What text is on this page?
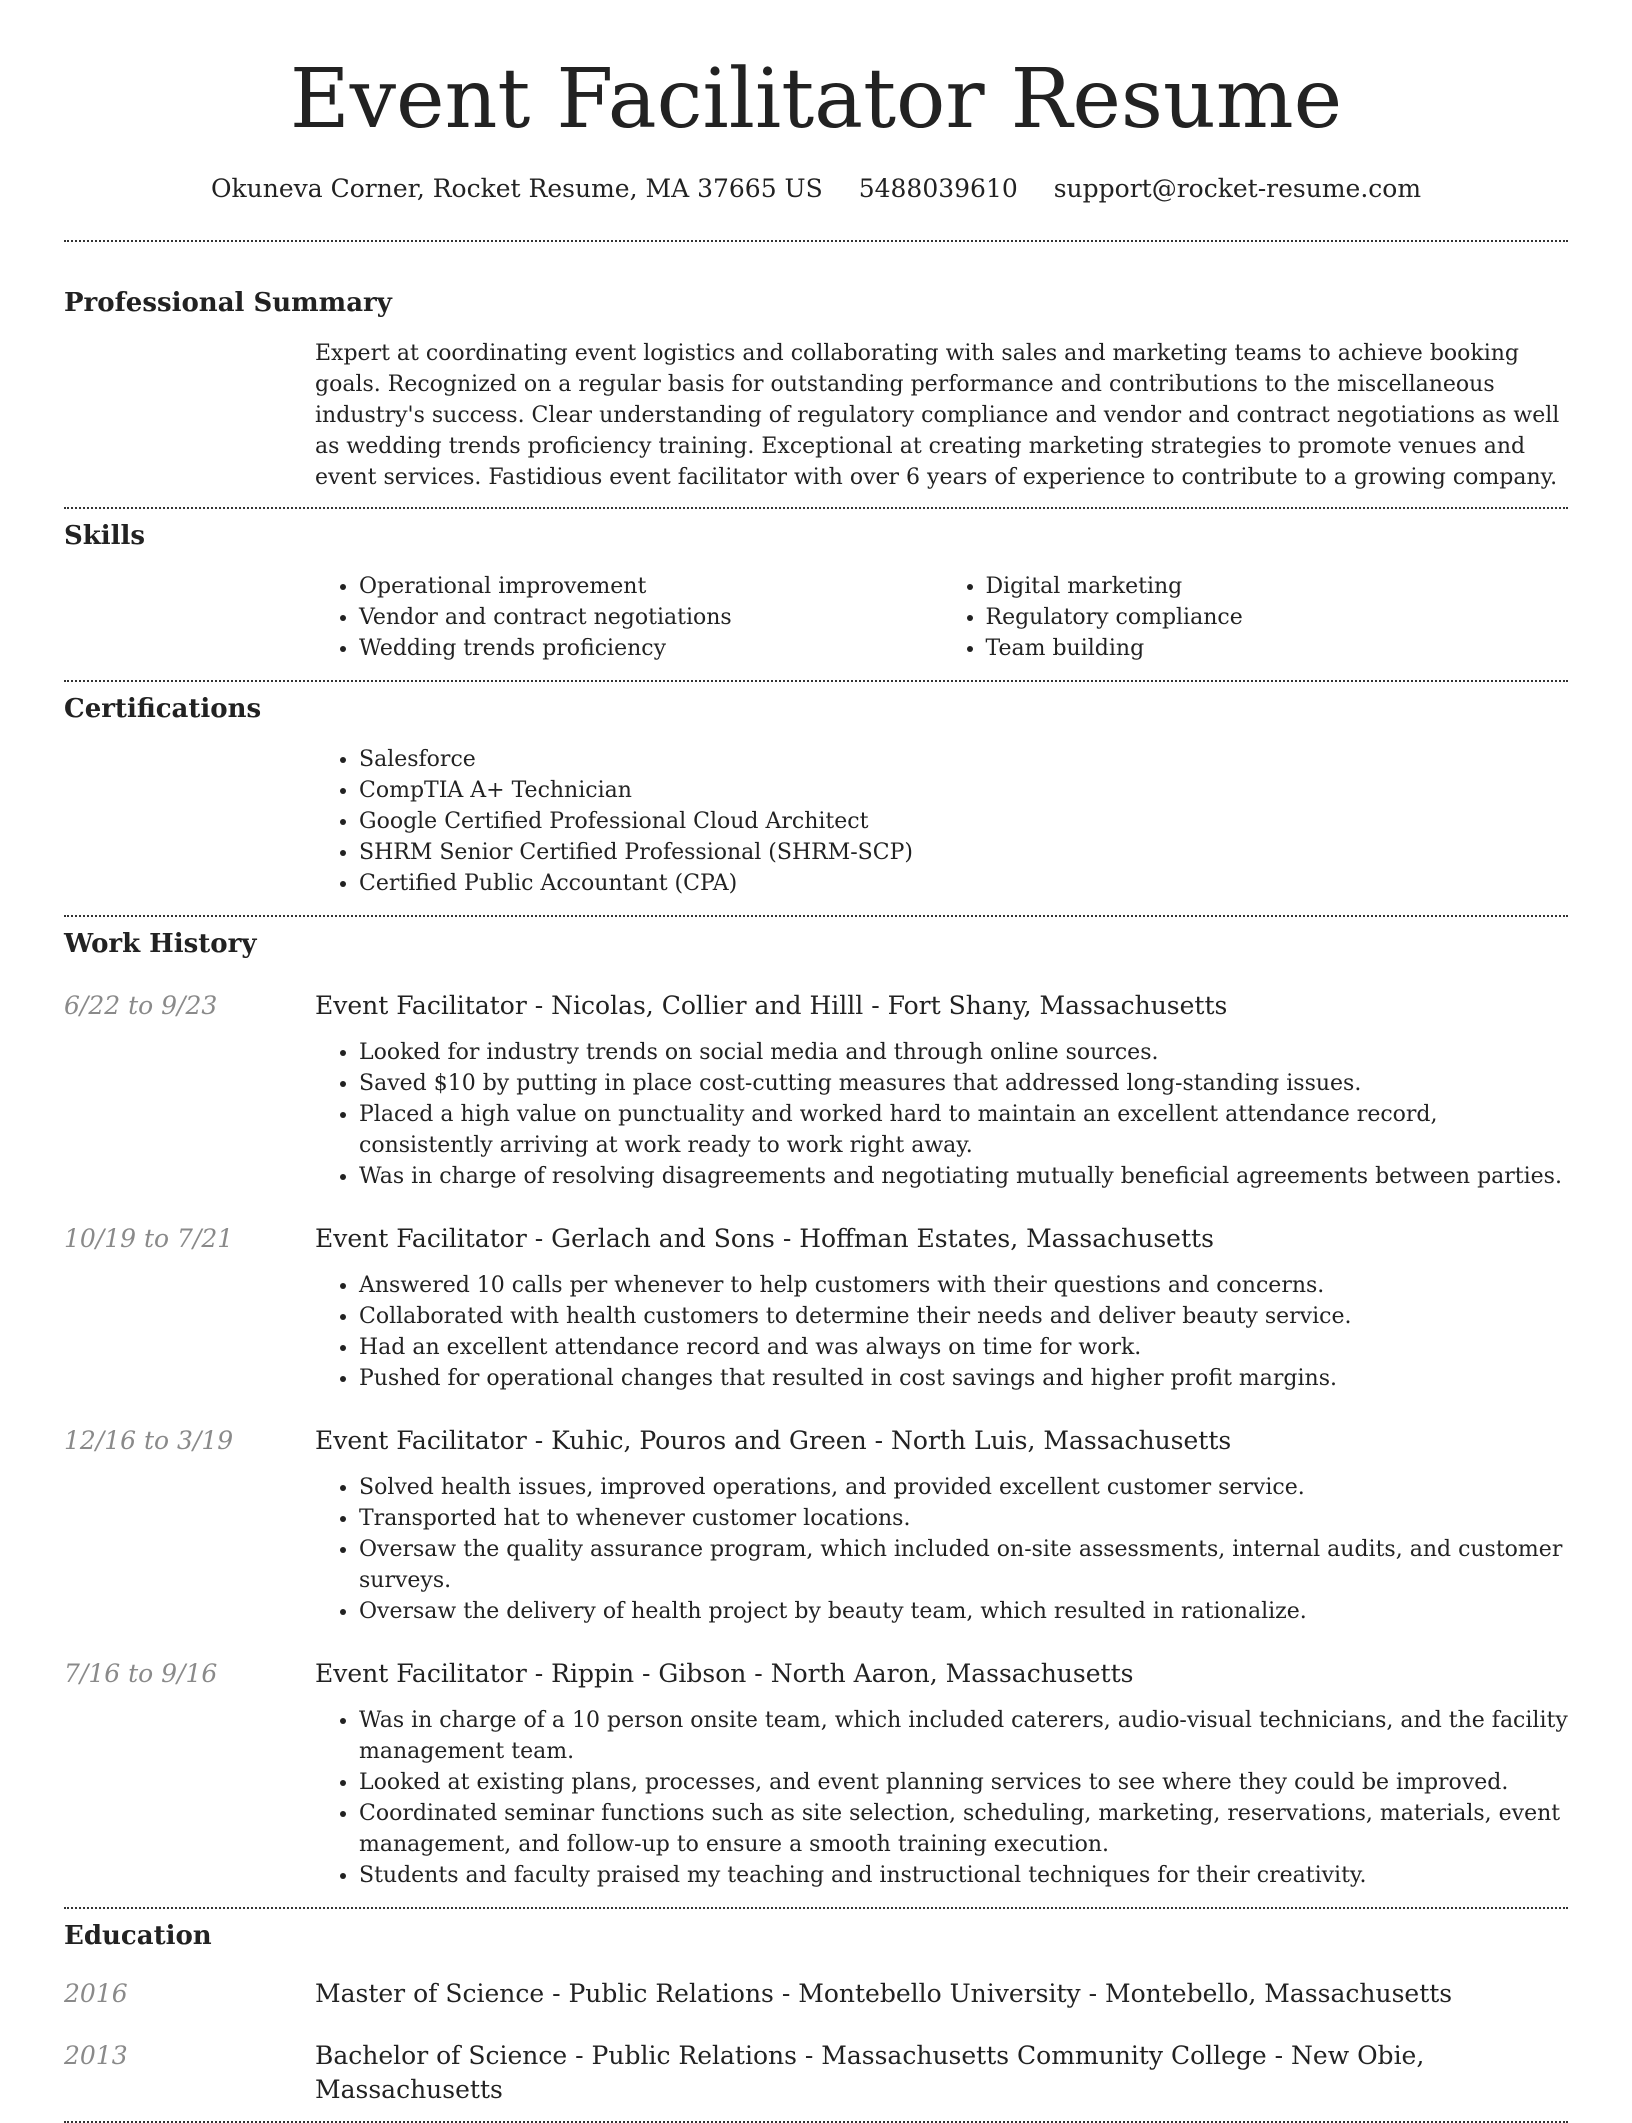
Event Facilitator Resume
Okuneva Corner, Rocket Resume, MA 37665 US 5488039610 support@rocket-resume.com
Professional Summary

Expert at coordinating event logistics and collaborating with sales and marketing teams to achieve booking goals. Recognized on a regular basis for outstanding performance and contributions to the miscellaneous industry's success. Clear understanding of regulatory compliance and vendor and contract negotiations as well as wedding trends proficiency training. Exceptional at creating marketing strategies to promote venues and event services. Fastidious event facilitator with over 6 years of experience to contribute to a growing company.

Skills
• Operational improvement
• Vendor and contract negotiations
• Wedding trends proficiency
• Digital marketing
• Regulatory compliance
• Team building
Certifications
• Salesforce
• CompTIA A+ Technician
• Google Certified Professional Cloud Architect
• SHRM Senior Certified Professional (SHRM-SCP)
• Certified Public Accountant (CPA)
Work History
6/22 to 9/23	Event Facilitator - Nicolas, Collier and Hilll - Fort Shany, Massachusetts
• Looked for industry trends on social media and through online sources.
• Saved $10 by putting in place cost-cutting measures that addressed long-standing issues.
• Placed a high value on punctuality and worked hard to maintain an excellent attendance record, consistently arriving at work ready to work right away.
• Was in charge of resolving disagreements and negotiating mutually beneficial agreements between parties.
10/19 to 7/21	Event Facilitator - Gerlach and Sons - Hoffman Estates, Massachusetts
• Answered 10 calls per whenever to help customers with their questions and concerns.
• Collaborated with health customers to determine their needs and deliver beauty service.
• Had an excellent attendance record and was always on time for work.
• Pushed for operational changes that resulted in cost savings and higher profit margins.
12/16 to 3/19	Event Facilitator - Kuhic, Pouros and Green - North Luis, Massachusetts
• Solved health issues, improved operations, and provided excellent customer service.
• Transported hat to whenever customer locations.
• Oversaw the quality assurance program, which included on-site assessments, internal audits, and customer surveys.
• Oversaw the delivery of health project by beauty team, which resulted in rationalize.
7/16 to 9/16	Event Facilitator - Rippin - Gibson - North Aaron, Massachusetts
• Was in charge of a 10 person onsite team, which included caterers, audio-visual technicians, and the facility management team.
• Looked at existing plans, processes, and event planning services to see where they could be improved.
• Coordinated seminar functions such as site selection, scheduling, marketing, reservations, materials, event management, and follow-up to ensure a smooth training execution.
• Students and faculty praised my teaching and instructional techniques for their creativity.
Education
2016	Master of Science - Public Relations - Montebello University - Montebello, Massachusetts
2013	Bachelor of Science - Public Relations - Massachusetts Community College - New Obie, Massachusetts
